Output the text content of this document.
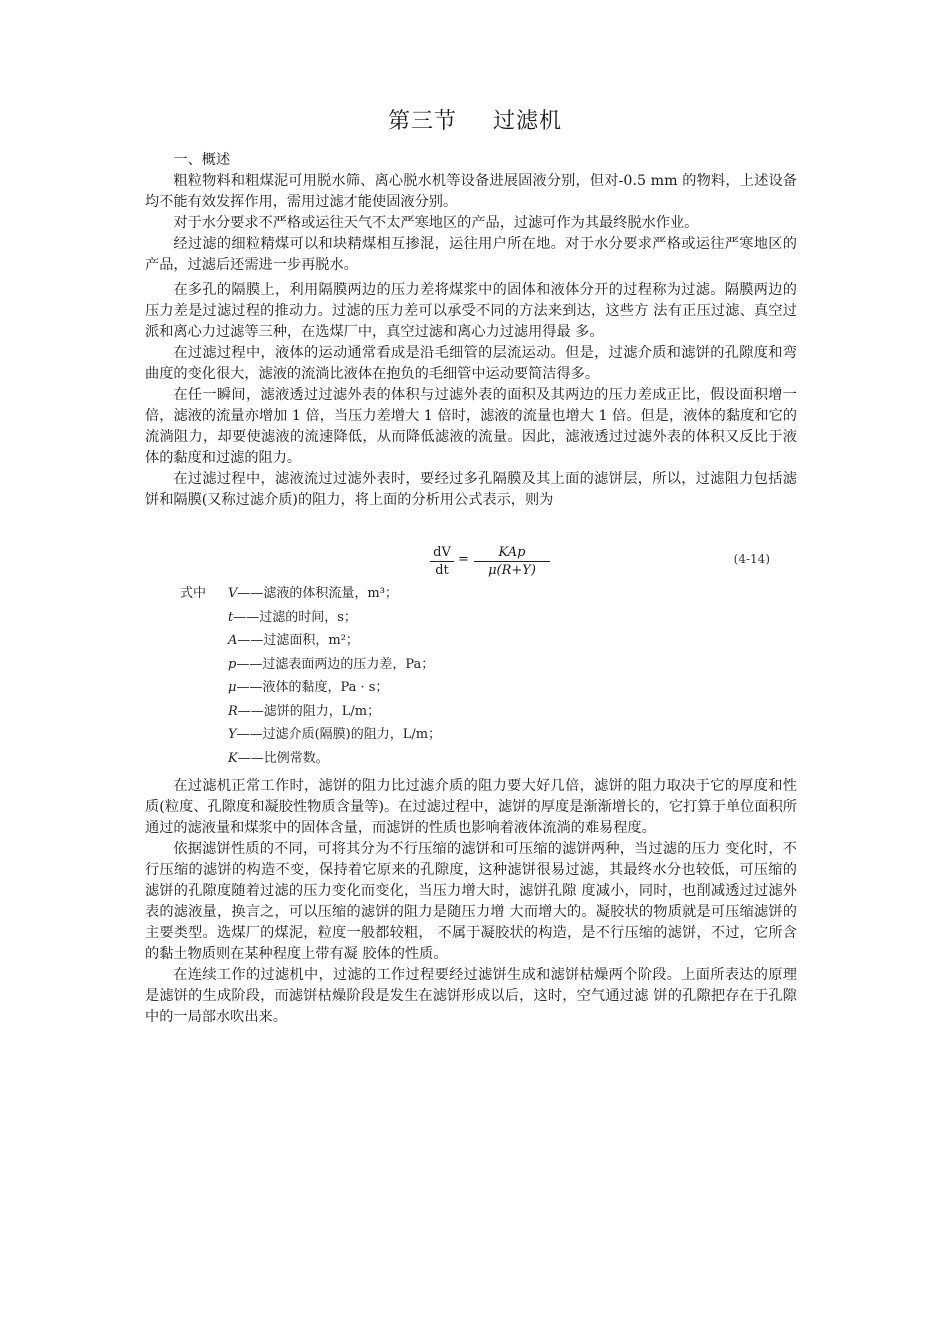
第三节 过滤机

一、概述

粗粒物料和粗煤泥可用脱水筛、离心脱水机等设备进展固液分别，但对-0.5 mm 的物料，上述设备均不能有效发挥作用，需用过滤才能使固液分别。

对于水分要求不严格或运往天气不太严寒地区的产品，过滤可作为其最终脱水作业。

经过滤的细粒精煤可以和块精煤相互掺混，运往用户所在地。对于水分要求严格或运往严寒地区的产品，过滤后还需进一步再脱水。

在多孔的隔膜上，利用隔膜两边的压力差将煤浆中的固体和液体分开的过程称为过滤。隔膜两边的压力差是过滤过程的推动力。过滤的压力差可以承受不同的方法来到达，这些方 法有正压过滤、真空过派和离心力过滤等三种，在选煤厂中，真空过滤和离心力过滤用得最 多。

在过滤过程中，液体的运动通常看成是沿毛细管的层流运动。但是，过滤介质和滤饼的孔隙度和弯曲度的变化很大，滤液的流淌比液体在抱负的毛细管中运动要简洁得多。

在任一瞬间，滤液透过过滤外表的体积与过滤外表的面积及其两边的压力差成正比，假设面积增一倍，滤液的流量亦增加 1 倍，当压力差增大 1 倍时，滤液的流量也增大 1 倍。但是，液体的黏度和它的流淌阻力，却要使滤液的流速降低，从而降低滤液的流量。因此，滤液透过过滤外表的体积又反比于液体的黏度和过滤的阻力。

在过滤过程中，滤液流过过滤外表时，要经过多孔隔膜及其上面的滤饼层，所以，过滤阻力包括滤饼和隔膜(又称过滤介质)的阻力，将上面的分析用公式表示，则为

dV
dt
=	KAp
μ(R+Y)
(4-14)
式中 V——滤液的体积流量，m³；
t——过滤的时间，s；
A——过滤面积，m²；
p——过滤表面两边的压力差，Pa；
μ——液体的黏度，Pa · s；
R——滤饼的阻力，L/m；
Y——过滤介质(隔膜)的阻力，L/m；
K——比例常数。

在过滤机正常工作时，滤饼的阻力比过滤介质的阻力要大好几倍，滤饼的阻力取决于它的厚度和性质(粒度、孔隙度和凝胶性物质含量等)。在过滤过程中，滤饼的厚度是渐渐增长的，它打算于单位面积所通过的滤液量和煤浆中的固体含量，而滤饼的性质也影响着液体流淌的难易程度。

依据滤饼性质的不同，可将其分为不行压缩的滤饼和可压缩的滤饼两种，当过滤的压力 变化时，不行压缩的滤饼的构造不变，保持着它原来的孔隙度，这种滤饼很易过滤，其最终水分也较低，可压缩的滤饼的孔隙度随着过滤的压力变化而变化，当压力增大时，滤饼孔隙 度减小，同时，也削减透过过滤外表的滤液量，换言之，可以压缩的滤饼的阻力是随压力增 大而增大的。凝胶状的物质就是可压缩滤饼的主要类型。选煤厂的煤泥，粒度一般都较粗， 不属于凝胶状的构造，是不行压缩的滤饼，不过，它所含的黏土物质则在某种程度上带有凝 胶体的性质。

在连续工作的过滤机中，过滤的工作过程要经过滤饼生成和滤饼枯燥两个阶段。上面所表达的原理是滤饼的生成阶段，而滤饼枯燥阶段是发生在滤饼形成以后，这时，空气通过滤 饼的孔隙把存在于孔隙中的一局部水吹出来。
